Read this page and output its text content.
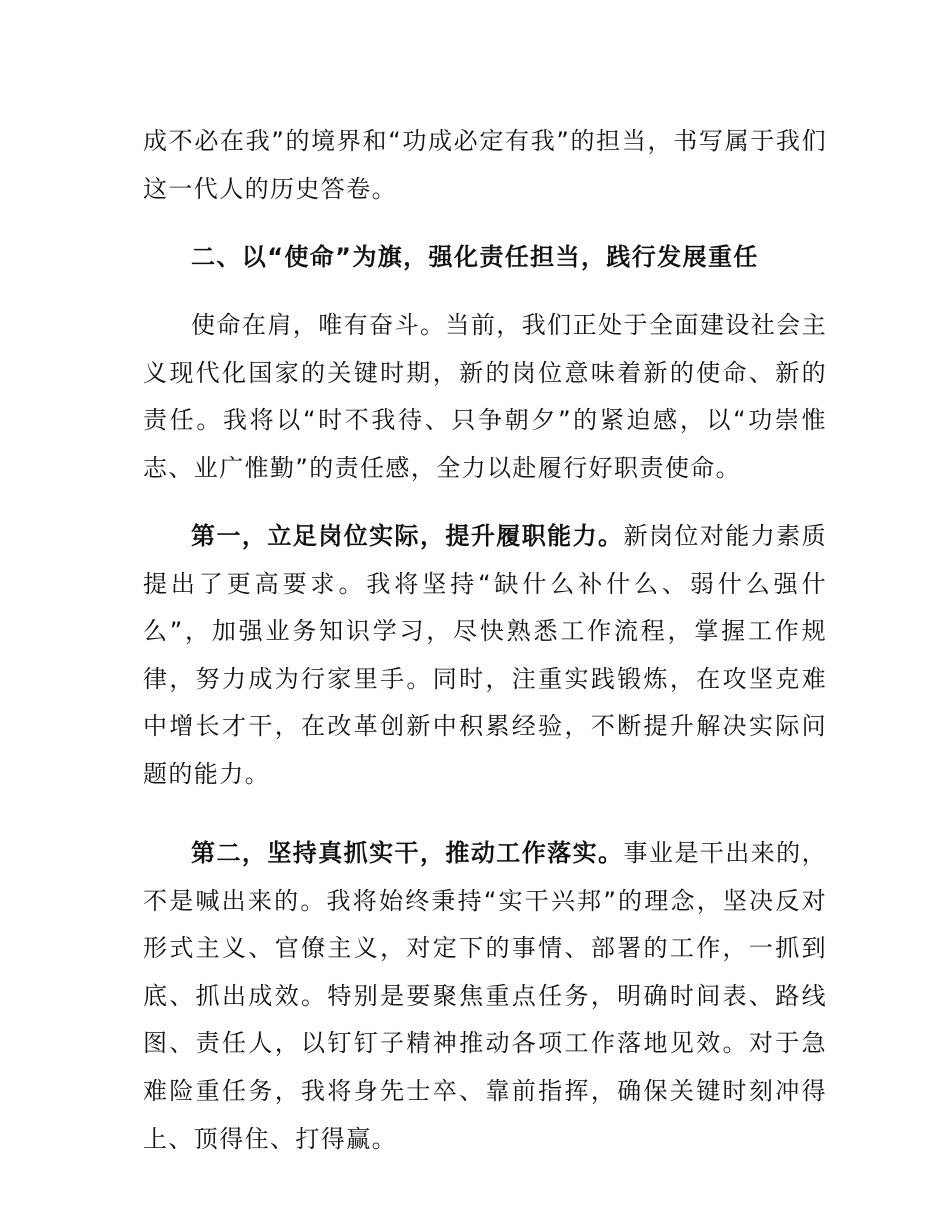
成不必在我”的境界和“功成必定有我”的担当，书写属于我们这一代人的历史答卷。

二、以“使命”为旗，强化责任担当，践行发展重任

使命在肩，唯有奋斗。当前，我们正处于全面建设社会主义现代化国家的关键时期，新的岗位意味着新的使命、新的责任。我将以“时不我待、只争朝夕”的紧迫感，以“功崇惟志、业广惟勤”的责任感，全力以赴履行好职责使命。

第一，立足岗位实际，提升履职能力。新岗位对能力素质提出了更高要求。我将坚持“缺什么补什么、弱什么强什么”，加强业务知识学习，尽快熟悉工作流程，掌握工作规律，努力成为行家里手。同时，注重实践锻炼，在攻坚克难中增长才干，在改革创新中积累经验，不断提升解决实际问题的能力。

第二，坚持真抓实干，推动工作落实。事业是干出来的，不是喊出来的。我将始终秉持“实干兴邦”的理念，坚决反对形式主义、官僚主义，对定下的事情、部署的工作，一抓到底、抓出成效。特别是要聚焦重点任务，明确时间表、路线图、责任人，以钉钉子精神推动各项工作落地见效。对于急难险重任务，我将身先士卒、靠前指挥，确保关键时刻冲得上、顶得住、打得赢。
